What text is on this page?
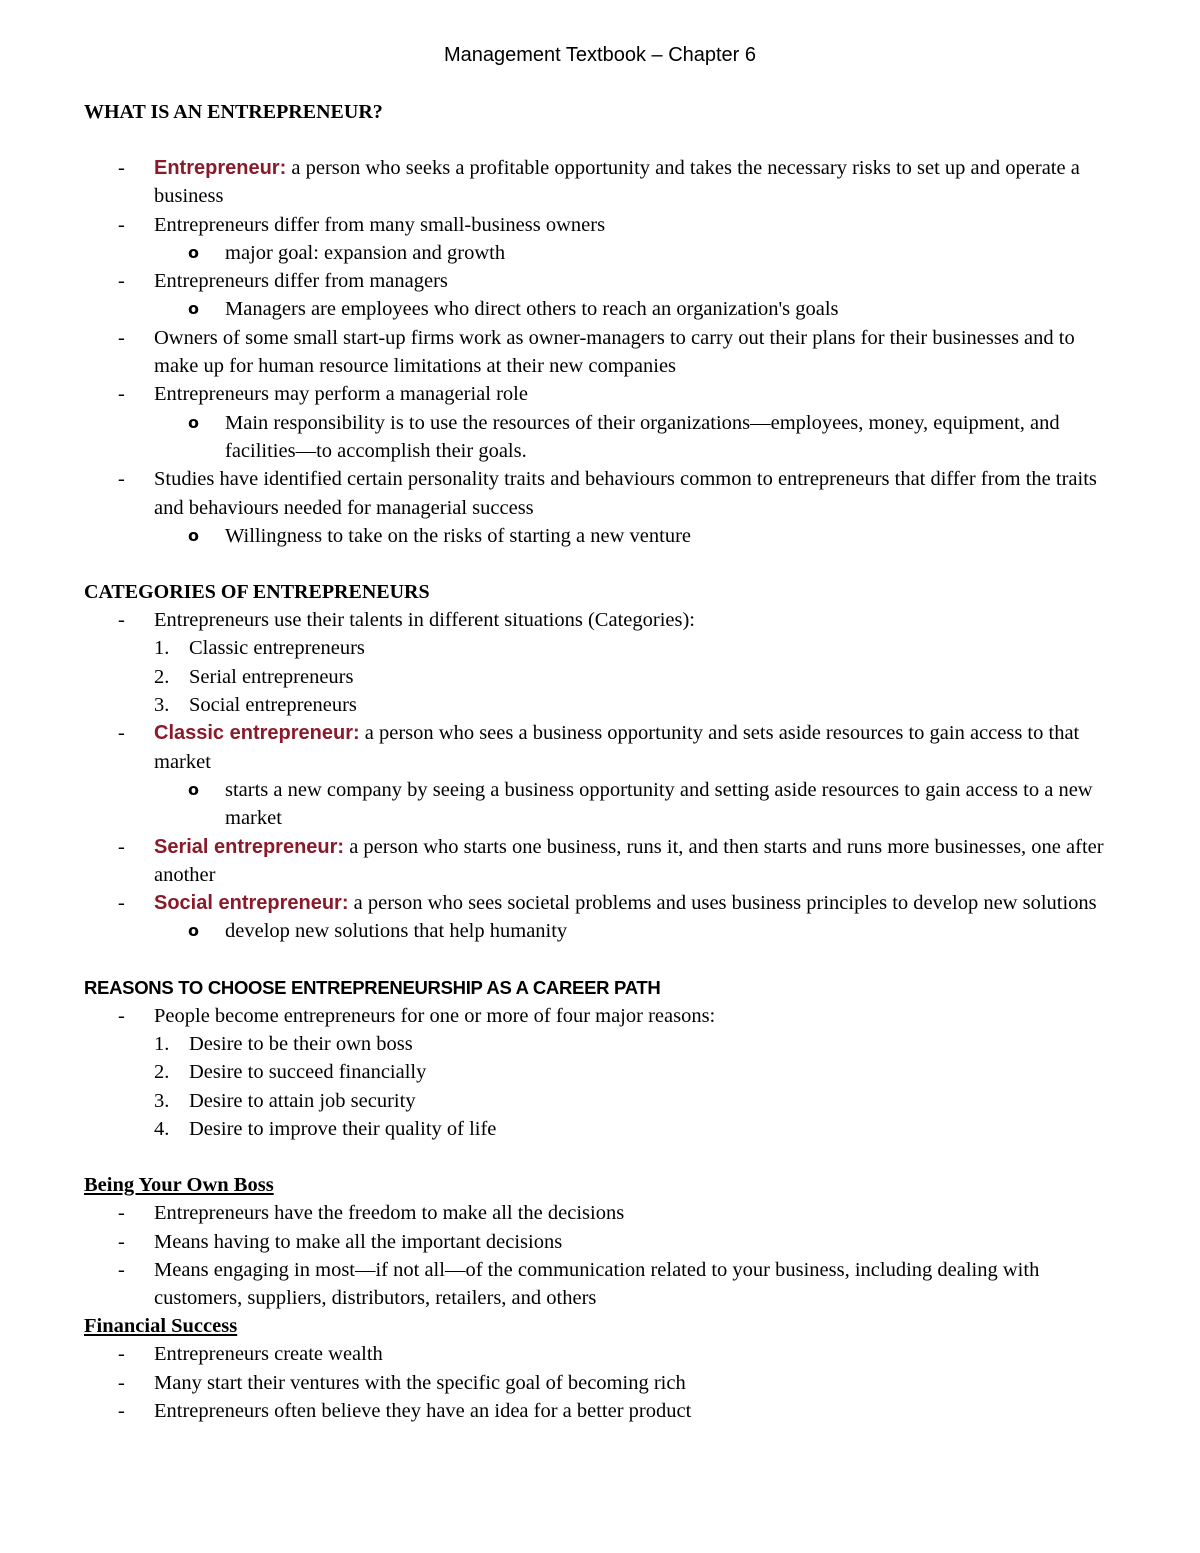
Management Textbook – Chapter 6
WHAT IS AN ENTREPRENEUR?
-	Entrepreneur: a person who seeks a profitable opportunity and takes the necessary risks to set up and operate a business
-	Entrepreneurs differ from many small-business owners
o	major goal: expansion and growth
-	Entrepreneurs differ from managers
o	Managers are employees who direct others to reach an organization's goals
-	Owners of some small start-up firms work as owner-managers to carry out their plans for their businesses and to make up for human resource limitations at their new companies
-	Entrepreneurs may perform a managerial role
o	Main responsibility is to use the resources of their organizations—employees, money, equipment, and facilities—to accomplish their goals.
-	Studies have identified certain personality traits and behaviours common to entrepreneurs that differ from the traits and behaviours needed for managerial success
o	Willingness to take on the risks of starting a new venture
CATEGORIES OF ENTREPRENEURS
-	Entrepreneurs use their talents in different situations (Categories):
1. Classic entrepreneurs
2. Serial entrepreneurs
3. Social entrepreneurs
-	Classic entrepreneur: a person who sees a business opportunity and sets aside resources to gain access to that market
o	starts a new company by seeing a business opportunity and setting aside resources to gain access to a new market
-	Serial entrepreneur: a person who starts one business, runs it, and then starts and runs more businesses, one after another
-	Social entrepreneur: a person who sees societal problems and uses business principles to develop new solutions
o	develop new solutions that help humanity
REASONS TO CHOOSE ENTREPRENEURSHIP AS A CAREER PATH
-	People become entrepreneurs for one or more of four major reasons:
1. Desire to be their own boss
2. Desire to succeed financially
3. Desire to attain job security
4. Desire to improve their quality of life
Being Your Own Boss
-	Entrepreneurs have the freedom to make all the decisions
-	Means having to make all the important decisions
-	Means engaging in most—if not all—of the communication related to your business, including dealing with customers, suppliers, distributors, retailers, and others
Financial Success
-	Entrepreneurs create wealth
-	Many start their ventures with the specific goal of becoming rich
-	Entrepreneurs often believe they have an idea for a better product
